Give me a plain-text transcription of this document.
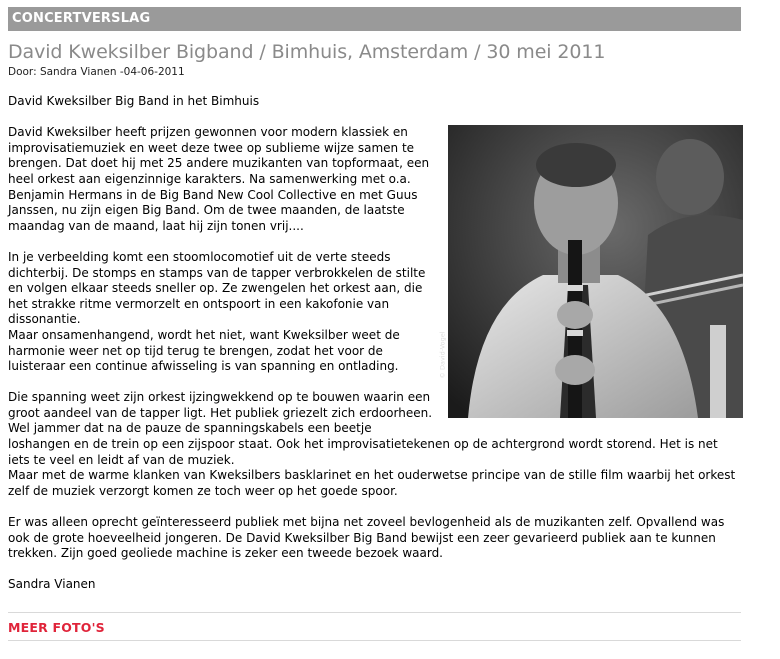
CONCERTVERSLAG
David Kweksilber Bigband / Bimhuis, Amsterdam / 30 mei 2011
Door: Sandra Vianen -04-06-2011

David Kweksilber Big Band in het Bimhuis

© David-Vogel

David Kweksilber heeft prijzen gewonnen voor modern klassiek en improvisatiemuziek en weet deze twee op sublieme wijze samen te brengen. Dat doet hij met 25 andere muzikanten van topformaat, een heel orkest aan eigenzinnige karakters. Na samenwerking met o.a. Benjamin Hermans in de Big Band New Cool Collective en met Guus Janssen, nu zijn eigen Big Band. Om de twee maanden, de laatste maandag van de maand, laat hij zijn tonen vrij....

In je verbeelding komt een stoomlocomotief uit de verte steeds dichterbij. De stomps en stamps van de tapper verbrokkelen de stilte en volgen elkaar steeds sneller op. Ze zwengelen het orkest aan, die het strakke ritme vermorzelt en ontspoort in een kakofonie van dissonantie.

Maar onsamenhangend, wordt het niet, want Kweksilber weet de harmonie weer net op tijd terug te brengen, zodat het voor de luisteraar een continue afwisseling is van spanning en ontlading.

Die spanning weet zijn orkest ijzingwekkend op te bouwen waarin een groot aandeel van de tapper ligt. Het publiek griezelt zich erdoorheen.

Wel jammer dat na de pauze de spanningskabels een beetje loshangen en de trein op een zijspoor staat. Ook het improvisatietekenen op de achtergrond wordt storend. Het is net iets te veel en leidt af van de muziek.

Maar met de warme klanken van Kweksilbers basklarinet en het ouderwetse principe van de stille film waarbij het orkest zelf de muziek verzorgt komen ze toch weer op het goede spoor.

Er was alleen oprecht geïnteresseerd publiek met bijna net zoveel bevlogenheid als de muzikanten zelf. Opvallend was ook de grote hoeveelheid jongeren. De David Kweksilber Big Band bewijst een zeer gevarieerd publiek aan te kunnen trekken. Zijn goed geoliede machine is zeker een tweede bezoek waard.

Sandra Vianen

MEER FOTO'S
